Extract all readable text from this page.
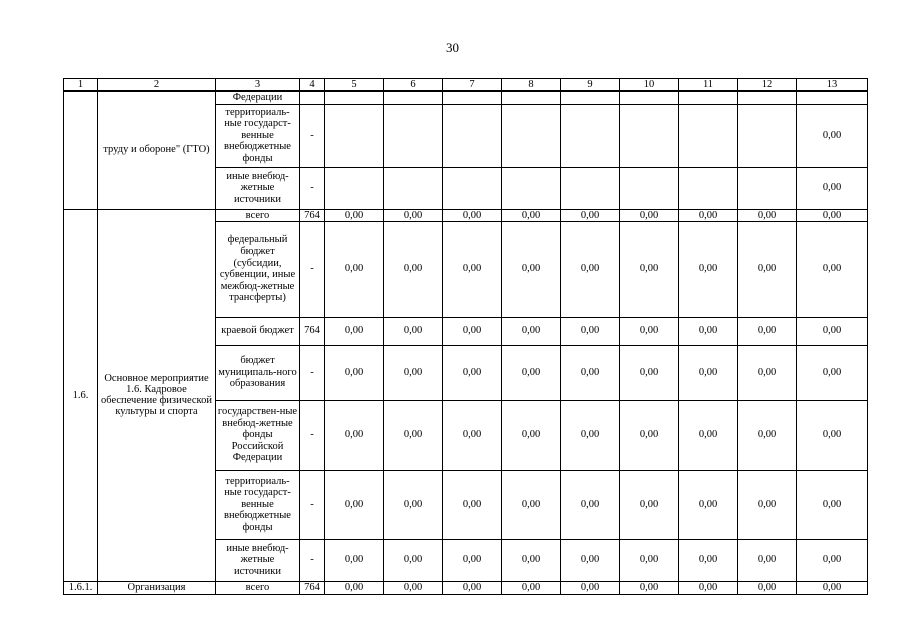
30
1	2	3	4	5	6	7	8	9	10	11	12	13
	труду и обороне" (ГТО)	Федерации										
		территориаль-ные государст-венные внебюджетные фонды	-									0,00
		иные внебюд-жетные источники	-									0,00
1.6.	Основное мероприятие 1.6. Кадровое обеспечение физической культуры и спорта	всего	764	0,00	0,00	0,00	0,00	0,00	0,00	0,00	0,00	0,00
		федеральный бюджет (субсидии, субвенции, иные межбюд-жетные трансферты)	-	0,00	0,00	0,00	0,00	0,00	0,00	0,00	0,00	0,00
		краевой бюджет	764	0,00	0,00	0,00	0,00	0,00	0,00	0,00	0,00	0,00
		бюджет муниципаль-ного образования	-	0,00	0,00	0,00	0,00	0,00	0,00	0,00	0,00	0,00
		государствен-ные внебюд-жетные фонды Российской Федерации	-	0,00	0,00	0,00	0,00	0,00	0,00	0,00	0,00	0,00
		территориаль-ные государст-венные внебюджетные фонды	-	0,00	0,00	0,00	0,00	0,00	0,00	0,00	0,00	0,00
		иные внебюд-жетные источники	-	0,00	0,00	0,00	0,00	0,00	0,00	0,00	0,00	0,00
1.6.1.	Организация	всего	764	0,00	0,00	0,00	0,00	0,00	0,00	0,00	0,00	0,00
